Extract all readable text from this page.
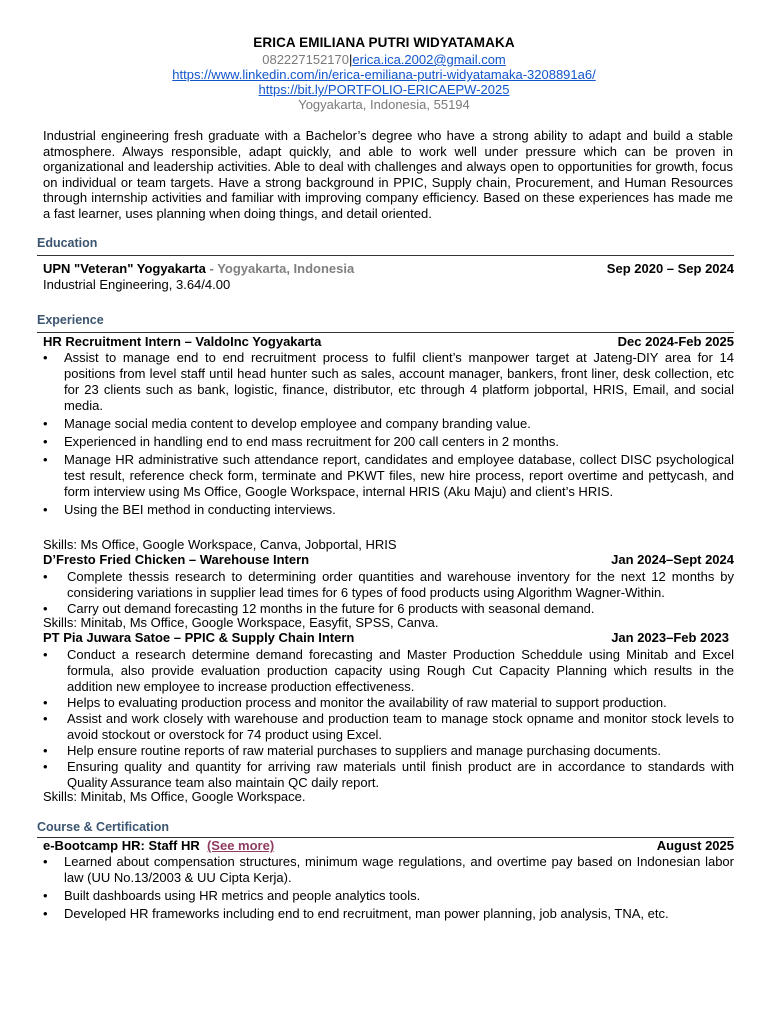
ERICA EMILIANA PUTRI WIDYATAMAKA
082227152170|erica.ica.2002@gmail.com
https://www.linkedin.com/in/erica-emiliana-putri-widyatamaka-3208891a6/
https://bit.ly/PORTFOLIO-ERICAEPW-2025
Yogyakarta, Indonesia, 55194
Industrial engineering fresh graduate with a Bachelor’s degree who have a strong ability to adapt and build a stable atmosphere. Always responsible, adapt quickly, and able to work well under pressure which can be proven in organizational and leadership activities. Able to deal with challenges and always open to opportunities for growth, focus on individual or team targets. Have a strong background in PPIC, Supply chain, Procurement, and Human Resources through internship activities and familiar with improving company efficiency. Based on these experiences has made me a fast learner, uses planning when doing things, and detail oriented.
Education
UPN "Veteran" Yogyakarta - Yogyakarta, Indonesia	Sep 2020 – Sep 2024
Industrial Engineering, 3.64/4.00
Experience
HR Recruitment Intern – ValdoInc Yogyakarta	Dec 2024-Feb 2025
• Assist to manage end to end recruitment process to fulfil client’s manpower target at Jateng-DIY area for 14 positions from level staff until head hunter such as sales, account manager, bankers, front liner, desk collection, etc for 23 clients such as bank, logistic, finance, distributor, etc through 4 platform jobportal, HRIS, Email, and social media.
• Manage social media content to develop employee and company branding value.
• Experienced in handling end to end mass recruitment for 200 call centers in 2 months.
• Manage HR administrative such attendance report, candidates and employee database, collect DISC psychological test result, reference check form, terminate and PKWT files, new hire process, report overtime and pettycash, and form interview using Ms Office, Google Workspace, internal HRIS (Aku Maju) and client’s HRIS.
• Using the BEI method in conducting interviews.
Skills: Ms Office, Google Workspace, Canva, Jobportal, HRIS
D’Fresto Fried Chicken – Warehouse Intern	Jan 2024–Sept 2024
• Complete thessis research to determining order quantities and warehouse inventory for the next 12 months by considering variations in supplier lead times for 6 types of food products using Algorithm Wagner-Within.
• Carry out demand forecasting 12 months in the future for 6 products with seasonal demand.
Skills: Minitab, Ms Office, Google Workspace, Easyfit, SPSS, Canva.
PT Pia Juwara Satoe – PPIC & Supply Chain Intern	Jan 2023–Feb 2023
• Conduct a research determine demand forecasting and Master Production Scheddule using Minitab and Excel formula, also provide evaluation production capacity using Rough Cut Capacity Planning which results in the addition new employee to increase production effectiveness.
• Helps to evaluating production process and monitor the availability of raw material to support production.
• Assist and work closely with warehouse and production team to manage stock opname and monitor stock levels to avoid stockout or overstock for 74 product using Excel.
• Help ensure routine reports of raw material purchases to suppliers and manage purchasing documents.
• Ensuring quality and quantity for arriving raw materials until finish product are in accordance to standards with Quality Assurance team also maintain QC daily report.
Skills: Minitab, Ms Office, Google Workspace.
Course & Certification
e-Bootcamp HR: Staff HR (See more)	August 2025
• Learned about compensation structures, minimum wage regulations, and overtime pay based on Indonesian labor law (UU No.13/2003 & UU Cipta Kerja).
• Built dashboards using HR metrics and people analytics tools.
• Developed HR frameworks including end to end recruitment, man power planning, job analysis, TNA, etc.
